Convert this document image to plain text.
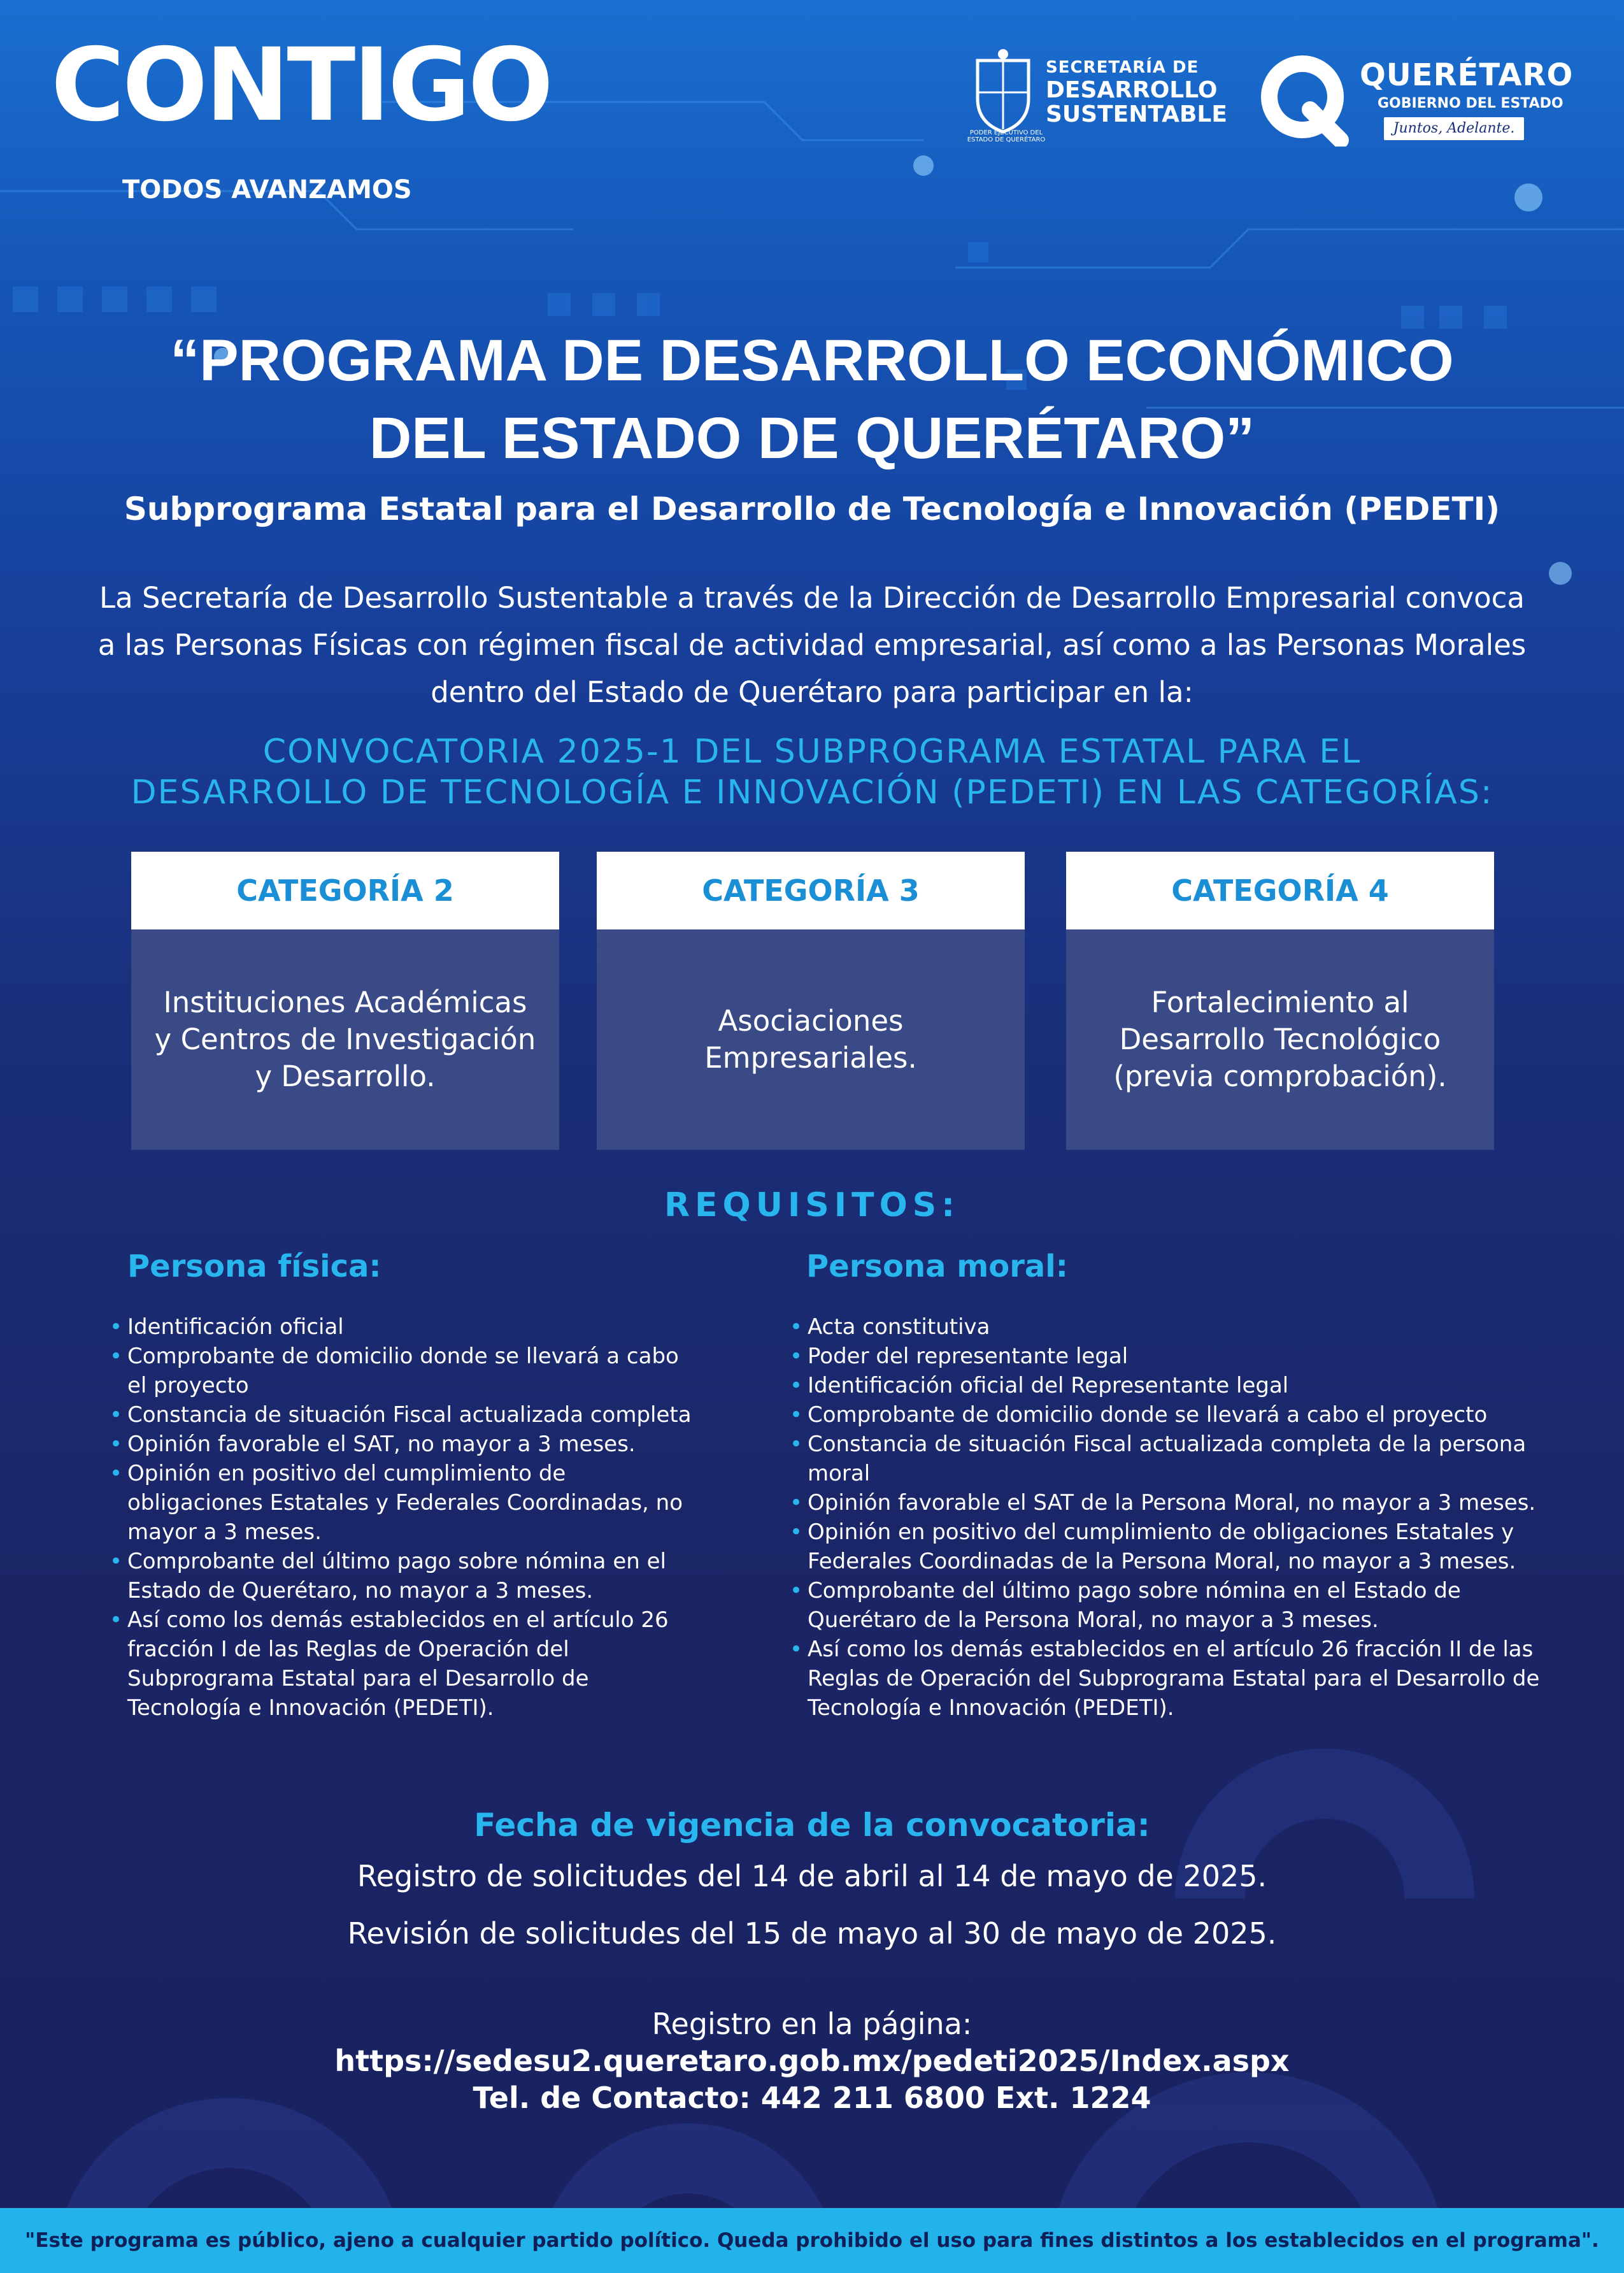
CONTIGO
TODOS AVANZAMOS
PODER EJECUTIVO DEL ESTADO DE QUERÉTARO
SECRETARÍA DE
DESARROLLO
SUSTENTABLE
QUERÉTARO
GOBIERNO DEL ESTADO
Juntos, Adelante.
“PROGRAMA DE DESARROLLO ECONÓMICO
DEL ESTADO DE QUERÉTARO”
Subprograma Estatal para el Desarrollo de Tecnología e Innovación (PEDETI)
La Secretaría de Desarrollo Sustentable a través de la Dirección de Desarrollo Empresarial convoca
a las Personas Físicas con régimen fiscal de actividad empresarial, así como a las Personas Morales
dentro del Estado de Querétaro para participar en la:
CONVOCATORIA 2025-1 DEL SUBPROGRAMA ESTATAL PARA EL
DESARROLLO DE TECNOLOGÍA E INNOVACIÓN (PEDETI) EN LAS CATEGORÍAS:
CATEGORÍA 2
Instituciones Académicas
y Centros de Investigación
y Desarrollo.
CATEGORÍA 3
Asociaciones
Empresariales.
CATEGORÍA 4
Fortalecimiento al
Desarrollo Tecnológico
(previa comprobación).
REQUISITOS:
Persona física:	Persona moral:
• Identificación oficial
• Comprobante de domicilio donde se llevará a cabo el proyecto
• Constancia de situación Fiscal actualizada completa
• Opinión favorable el SAT, no mayor a 3 meses.
• Opinión en positivo del cumplimiento de obligaciones Estatales y Federales Coordinadas, no mayor a 3 meses.
• Comprobante del último pago sobre nómina en el Estado de Querétaro, no mayor a 3 meses.
• Así como los demás establecidos en el artículo 26 fracción I de las Reglas de Operación del Subprograma Estatal para el Desarrollo de Tecnología e Innovación (PEDETI).
• Acta constitutiva
• Poder del representante legal
• Identificación oficial del Representante legal
• Comprobante de domicilio donde se llevará a cabo el proyecto
• Constancia de situación Fiscal actualizada completa de la persona moral
• Opinión favorable el SAT de la Persona Moral, no mayor a 3 meses.
• Opinión en positivo del cumplimiento de obligaciones Estatales y Federales Coordinadas de la Persona Moral, no mayor a 3 meses.
• Comprobante del último pago sobre nómina en el Estado de Querétaro de la Persona Moral, no mayor a 3 meses.
• Así como los demás establecidos en el artículo 26 fracción II de las Reglas de Operación del Subprograma Estatal para el Desarrollo de Tecnología e Innovación (PEDETI).
Fecha de vigencia de la convocatoria:
Registro de solicitudes del 14 de abril al 14 de mayo de 2025.
Revisión de solicitudes del 15 de mayo al 30 de mayo de 2025.
Registro en la página:
https://sedesu2.queretaro.gob.mx/pedeti2025/Index.aspx
Tel. de Contacto: 442 211 6800 Ext. 1224
"Este programa es público, ajeno a cualquier partido político. Queda prohibido el uso para fines distintos a los establecidos en el programa".
